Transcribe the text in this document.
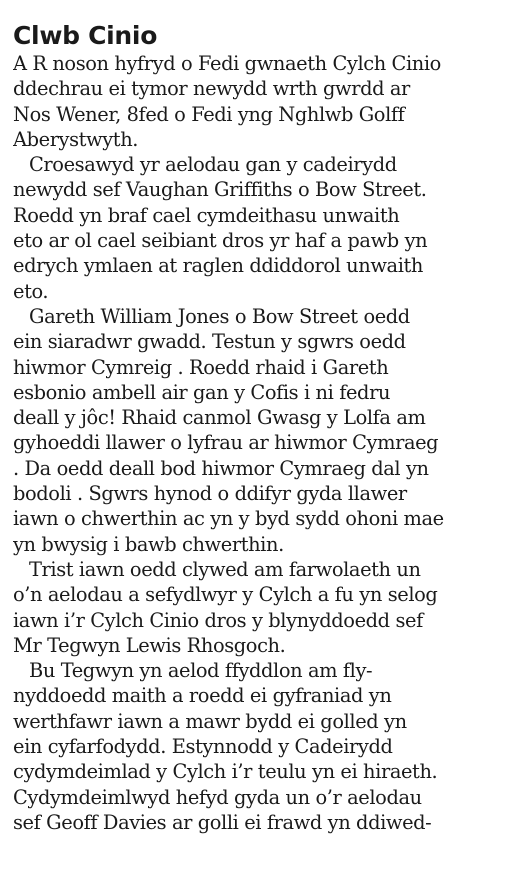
Clwb Cinio
A R noson hyfryd o Fedi gwnaeth Cylch Cinio
ddechrau ei tymor newydd wrth gwrdd ar
Nos Wener, 8fed o Fedi yng Nghlwb Golff
Aberystwyth.
Croesawyd yr aelodau gan y cadeirydd
newydd sef Vaughan Griffiths o Bow Street.
Roedd yn braf cael cymdeithasu unwaith
eto ar ol cael seibiant dros yr haf a pawb yn
edrych ymlaen at raglen ddiddorol unwaith
eto.
Gareth William Jones o Bow Street oedd
ein siaradwr gwadd. Testun y sgwrs oedd
hiwmor Cymreig . Roedd rhaid i Gareth
esbonio ambell air gan y Cofis i ni fedru
deall y jôc! Rhaid canmol Gwasg y Lolfa am
gyhoeddi llawer o lyfrau ar hiwmor Cymraeg
. Da oedd deall bod hiwmor Cymraeg dal yn
bodoli . Sgwrs hynod o ddifyr gyda llawer
iawn o chwerthin ac yn y byd sydd ohoni mae
yn bwysig i bawb chwerthin.
Trist iawn oedd clywed am farwolaeth un
o’n aelodau a sefydlwyr y Cylch a fu yn selog
iawn i’r Cylch Cinio dros y blynyddoedd sef
Mr Tegwyn Lewis Rhosgoch.
Bu Tegwyn yn aelod ffyddlon am fly-
nyddoedd maith a roedd ei gyfraniad yn
werthfawr iawn a mawr bydd ei golled yn
ein cyfarfodydd. Estynnodd y Cadeirydd
cydymdeimlad y Cylch i’r teulu yn ei hiraeth.
Cydymdeimlwyd hefyd gyda un o’r aelodau
sef Geoff Davies ar golli ei frawd yn ddiwed-
